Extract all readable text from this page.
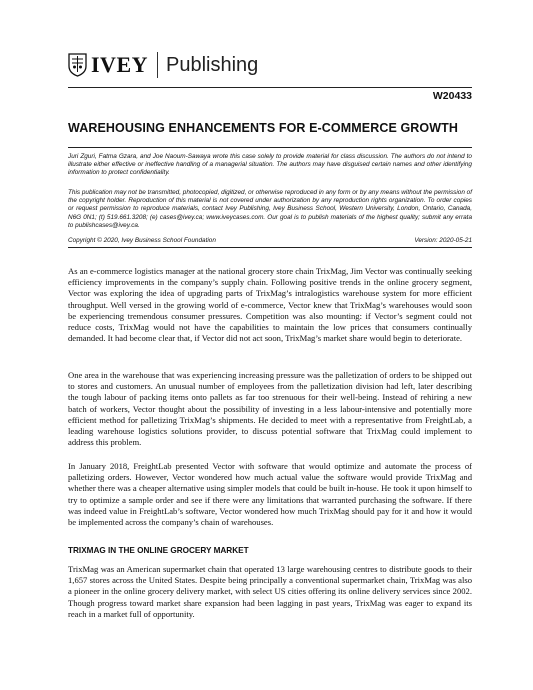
IVEY Publishing
W20433
WAREHOUSING ENHANCEMENTS FOR E-COMMERCE GROWTH
Juri Zguri, Fatma Gzara, and Joe Naoum-Sawaya wrote this case solely to provide material for class discussion. The authors do not intend to illustrate either effective or ineffective handling of a managerial situation. The authors may have disguised certain names and other identifying information to protect confidentiality.
This publication may not be transmitted, photocopied, digitized, or otherwise reproduced in any form or by any means without the permission of the copyright holder. Reproduction of this material is not covered under authorization by any reproduction rights organization. To order copies or request permission to reproduce materials, contact Ivey Publishing, Ivey Business School, Western University, London, Ontario, Canada, N6G 0N1; (t) 519.661.3208; (e) cases@ivey.ca; www.iveycases.com. Our goal is to publish materials of the highest quality; submit any errata to publishcases@ivey.ca.
Copyright © 2020, Ivey Business School Foundation	Version: 2020-05-21

As an e-commerce logistics manager at the national grocery store chain TrixMag, Jim Vector was continually seeking efficiency improvements in the company’s supply chain. Following positive trends in the online grocery segment, Vector was exploring the idea of upgrading parts of TrixMag’s intralogistics warehouse system for more efficient throughput. Well versed in the growing world of e-commerce, Vector knew that TrixMag’s warehouses would soon be experiencing tremendous consumer pressures. Competition was also mounting: if Vector’s segment could not reduce costs, TrixMag would not have the capabilities to maintain the low prices that consumers continually demanded. It had become clear that, if Vector did not act soon, TrixMag’s market share would begin to deteriorate.

One area in the warehouse that was experiencing increasing pressure was the palletization of orders to be shipped out to stores and customers. An unusual number of employees from the palletization division had left, later describing the tough labour of packing items onto pallets as far too strenuous for their well-being. Instead of rehiring a new batch of workers, Vector thought about the possibility of investing in a less labour-intensive and potentially more efficient method for palletizing TrixMag’s shipments. He decided to meet with a representative from FreightLab, a leading warehouse logistics solutions provider, to discuss potential software that TrixMag could implement to address this problem.

In January 2018, FreightLab presented Vector with software that would optimize and automate the process of palletizing orders. However, Vector wondered how much actual value the software would provide TrixMag and whether there was a cheaper alternative using simpler models that could be built in-house. He took it upon himself to try to optimize a sample order and see if there were any limitations that warranted purchasing the software. If there was indeed value in FreightLab’s software, Vector wondered how much TrixMag should pay for it and how it would be implemented across the company’s chain of warehouses.

TRIXMAG IN THE ONLINE GROCERY MARKET

TrixMag was an American supermarket chain that operated 13 large warehousing centres to distribute goods to their 1,657 stores across the United States. Despite being principally a conventional supermarket chain, TrixMag was also a pioneer in the online grocery delivery market, with select US cities offering its online delivery services since 2002. Though progress toward market share expansion had been lagging in past years, TrixMag was eager to expand its reach in a market full of opportunity.
